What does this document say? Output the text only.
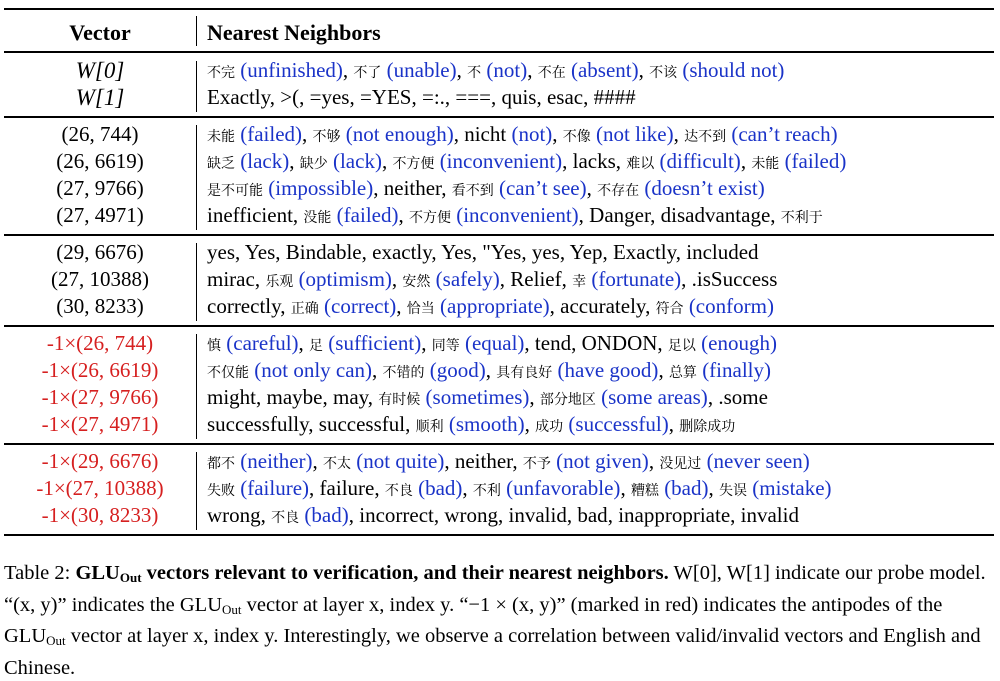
Vector	Nearest Neighbors
W[0]	不完 (unfinished), 不了 (unable), 不 (not), 不在 (absent), 不该 (should not)
W[1]	Exactly, >(, =yes, =YES, =:., ===, quis, esac, ####
(26, 744)	未能 (failed), 不够 (not enough), nicht (not), 不像 (not like), 达不到 (can’t reach)
(26, 6619)	缺乏 (lack), 缺少 (lack), 不方便 (inconvenient), lacks, 难以 (difficult), 未能 (failed)
(27, 9766)	是不可能 (impossible), neither, 看不到 (can’t see), 不存在 (doesn’t exist)
(27, 4971)	inefficient, 没能 (failed), 不方便 (inconvenient), Danger, disadvantage, 不利于
(29, 6676)	yes, Yes, Bindable, exactly, Yes, "Yes, yes, Yep, Exactly, included
(27, 10388)	mirac, 乐观 (optimism), 安然 (safely), Relief, 幸 (fortunate), .isSuccess
(30, 8233)	correctly, 正确 (correct), 恰当 (appropriate), accurately, 符合 (conform)
-1×(26, 744)	慎 (careful), 足 (sufficient), 同等 (equal), tend, ONDON, 足以 (enough)
-1×(26, 6619)	不仅能 (not only can), 不错的 (good), 具有良好 (have good), 总算 (finally)
-1×(27, 9766)	might, maybe, may, 有时候 (sometimes), 部分地区 (some areas), .some
-1×(27, 4971)	successfully, successful, 顺利 (smooth), 成功 (successful), 删除成功
-1×(29, 6676)	都不 (neither), 不太 (not quite), neither, 不予 (not given), 没见过 (never seen)
-1×(27, 10388)	失败 (failure), failure, 不良 (bad), 不利 (unfavorable), 糟糕 (bad), 失误 (mistake)
-1×(30, 8233)	wrong, 不良 (bad), incorrect, wrong, invalid, bad, inappropriate, invalid
Table 2: $GLU_{Out}$ vectors relevant to verification, and their nearest neighbors. W[0], W[1] indicate our probe model. “(x, y)” indicates the $GLU_{Out}$ vector at layer x, index y. “−1 × (x, y)” (marked in red) indicates the antipodes of the $GLU_{Out}$ vector at layer x, index y. Interestingly, we observe a correlation between valid/invalid vectors and English and Chinese.
